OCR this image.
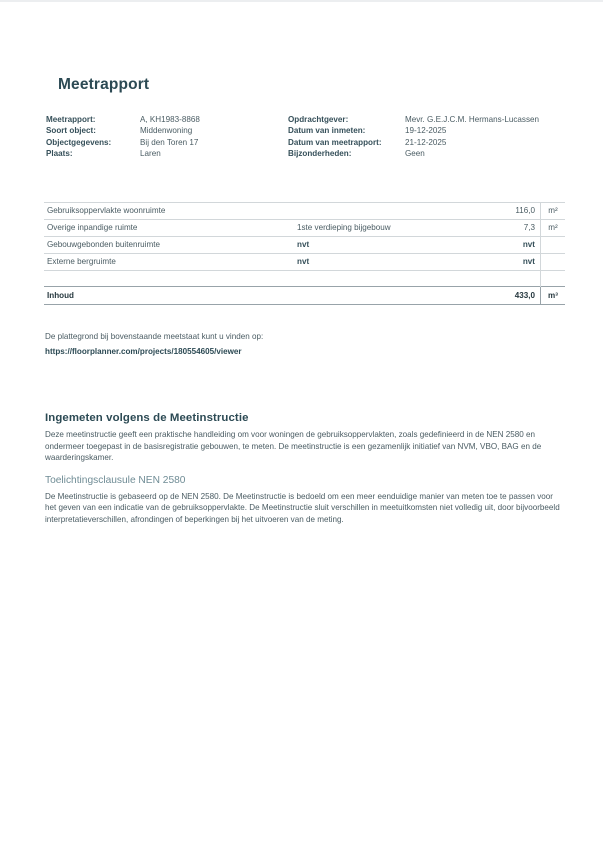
Meetrapport
Meetrapport:	A, KH1983-8868
Soort object:	Middenwoning
Objectgegevens:	Bij den Toren 17
Plaats:	Laren
Opdrachtgever:	Mevr. G.E.J.C.M. Hermans-Lucassen
Datum van inmeten:	19-12-2025
Datum van meetrapport:	21-12-2025
Bijzonderheden:	Geen
Gebruiksoppervlakte woonruimte		116,0	m²
Overige inpandige ruimte	1ste verdieping bijgebouw	7,3	m²
Gebouwgebonden buitenruimte	nvt	nvt	
Externe bergruimte	nvt	nvt	

Inhoud		433,0	m³
De plattegrond bij bovenstaande meetstaat kunt u vinden op:
https://floorplanner.com/projects/180554605/viewer
Ingemeten volgens de Meetinstructie

Deze meetinstructie geeft een praktische handleiding om voor woningen de gebruiksoppervlakten, zoals gedefinieerd in de NEN 2580 en ondermeer toegepast in de basisregistratie gebouwen, te meten. De meetinstructie is een gezamenlijk initiatief van NVM, VBO, BAG en de waarderingskamer.

Toelichtingsclausule NEN 2580

De Meetinstructie is gebaseerd op de NEN 2580. De Meetinstructie is bedoeld om een meer eenduidige manier van meten toe te passen voor het geven van een indicatie van de gebruiksoppervlakte. De Meetinstructie sluit verschillen in meetuitkomsten niet volledig uit, door bijvoorbeeld interpretatieverschillen, afrondingen of beperkingen bij het uitvoeren van de meting.
